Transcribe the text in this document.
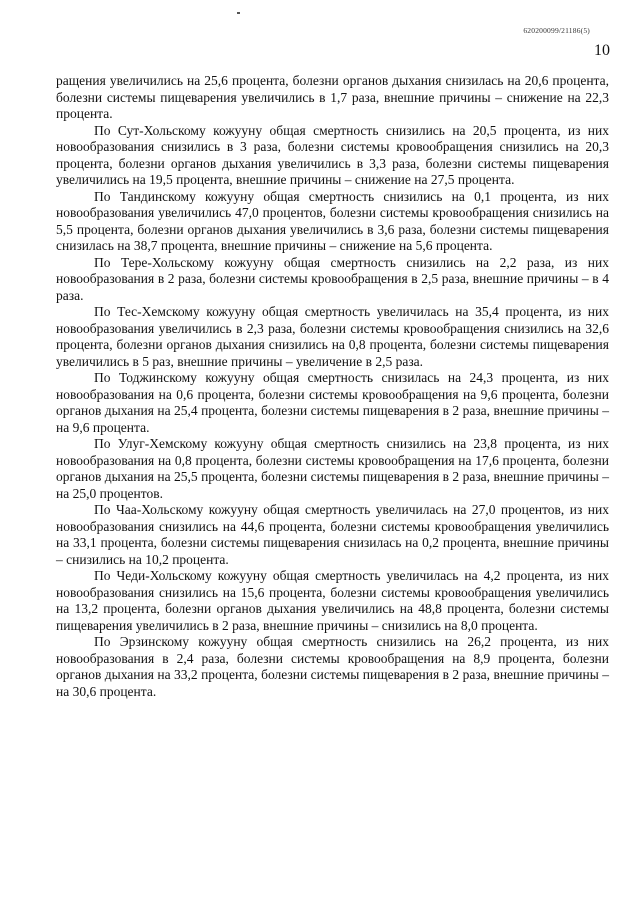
620200099/21186(5)
10

ращения увеличились на 25,6 процента, болезни органов дыхания снизилась на 20,6 процента, болезни системы пищеварения увеличились в 1,7 раза, внешние причины – снижение на 22,3 процента.

По Сут-Хольскому кожууну общая смертность снизились на 20,5 процента, из них новообразования снизились в 3 раза, болезни системы кровообращения снизились на 20,3 процента, болезни органов дыхания увеличились в 3,3 раза, болезни системы пищеварения увеличились на 19,5 процента, внешние причины – снижение на 27,5 процента.

По Тандинскому кожууну общая смертность снизились на 0,1 процента, из них новообразования увеличились 47,0 процентов, болезни системы кровообращения снизились на 5,5 процента, болезни органов дыхания увеличились в 3,6 раза, болезни системы пищеварения снизилась на 38,7 процента, внешние причины – снижение на 5,6 процента.

По Тере-Хольскому кожууну общая смертность снизились на 2,2 раза, из них новообразования в 2 раза, болезни системы кровообращения в 2,5 раза, внешние причины – в 4 раза.

По Тес-Хемскому кожууну общая смертность увеличилась на 35,4 процента, из них новообразования увеличились в 2,3 раза, болезни системы кровообращения снизились на 32,6 процента, болезни органов дыхания снизились на 0,8 процента, болезни системы пищеварения увеличились в 5 раз, внешние причины – увеличение в 2,5 раза.

По Тоджинскому кожууну общая смертность снизилась на 24,3 процента, из них новообразования на 0,6 процента, болезни системы кровообращения на 9,6 процента, болезни органов дыхания на 25,4 процента, болезни системы пищеварения в 2 раза, внешние причины – на 9,6 процента.

По Улуг-Хемскому кожууну общая смертность снизились на 23,8 процента, из них новообразования на 0,8 процента, болезни системы кровообращения на 17,6 процента, болезни органов дыхания на 25,5 процента, болезни системы пищеварения в 2 раза, внешние причины – на 25,0 процентов.

По Чаа-Хольскому кожууну общая смертность увеличилась на 27,0 процентов, из них новообразования снизились на 44,6 процента, болезни системы кровообращения увеличились на 33,1 процента, болезни системы пищеварения снизилась на 0,2 процента, внешние причины – снизились на 10,2 процента.

По Чеди-Хольскому кожууну общая смертность увеличилась на 4,2 процента, из них новообразования снизились на 15,6 процента, болезни системы кровообращения увеличились на 13,2 процента, болезни органов дыхания увеличились на 48,8 процента, болезни системы пищеварения увеличились в 2 раза, внешние причины – снизились на 8,0 процента.

По Эрзинскому кожууну общая смертность снизились на 26,2 процента, из них новообразования в 2,4 раза, болезни системы кровообращения на 8,9 процента, болезни органов дыхания на 33,2 процента, болезни системы пищеварения в 2 раза, внешние причины – на 30,6 процента.
